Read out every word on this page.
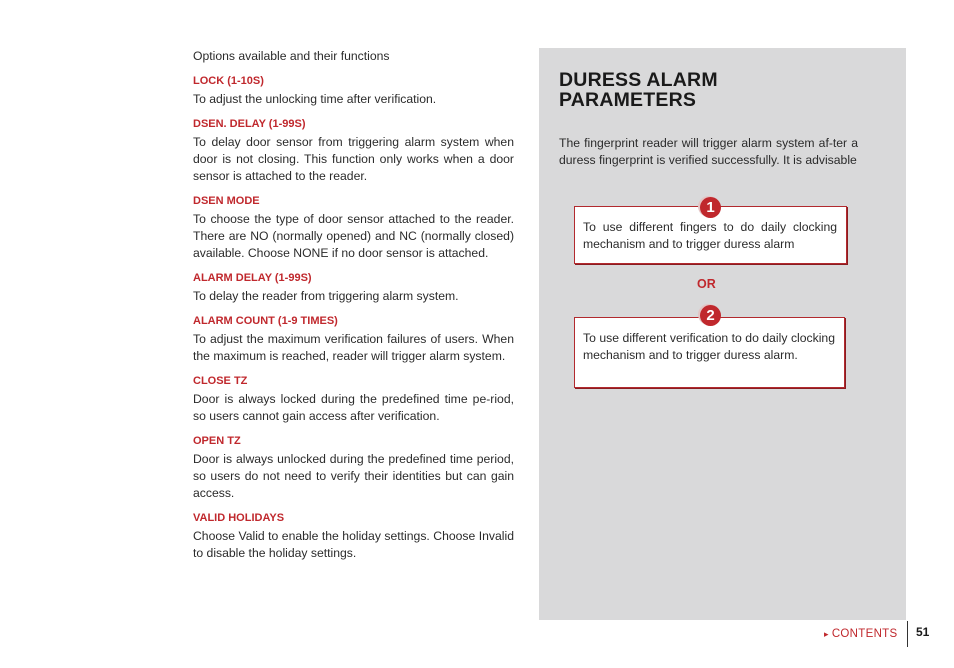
Options available and their functions

LOCK (1-10S)
To adjust the unlocking time after verification.
DSEN. DELAY (1-99S)
To delay door sensor from triggering alarm system when door is not closing. This function only works when a door sensor is attached to the reader.
DSEN MODE
To choose the type of door sensor attached to the reader. There are NO (normally opened) and NC (normally closed) available. Choose NONE if no door sensor is attached.
ALARM DELAY (1-99S)
To delay the reader from triggering alarm system.
ALARM COUNT (1-9 TIMES)
To adjust the maximum verification failures of users. When the maximum is reached, reader will trigger alarm system.
CLOSE TZ
Door is always locked during the predefined time pe-riod, so users cannot gain access after verification.
OPEN TZ
Door is always unlocked during the predefined time period, so users do not need to verify their identities but can gain access.
VALID HOLIDAYS
Choose Valid to enable the holiday settings. Choose Invalid to disable the holiday settings.
DURESS ALARM
PARAMETERS

The fingerprint reader will trigger alarm system af-ter a duress fingerprint is verified successfully. It is advisable

To use different fingers to do daily clocking mechanism and to trigger duress alarm
1
OR
To use different verification to do daily clocking mechanism and to trigger duress alarm.
2
▸ CONTENTS 51
